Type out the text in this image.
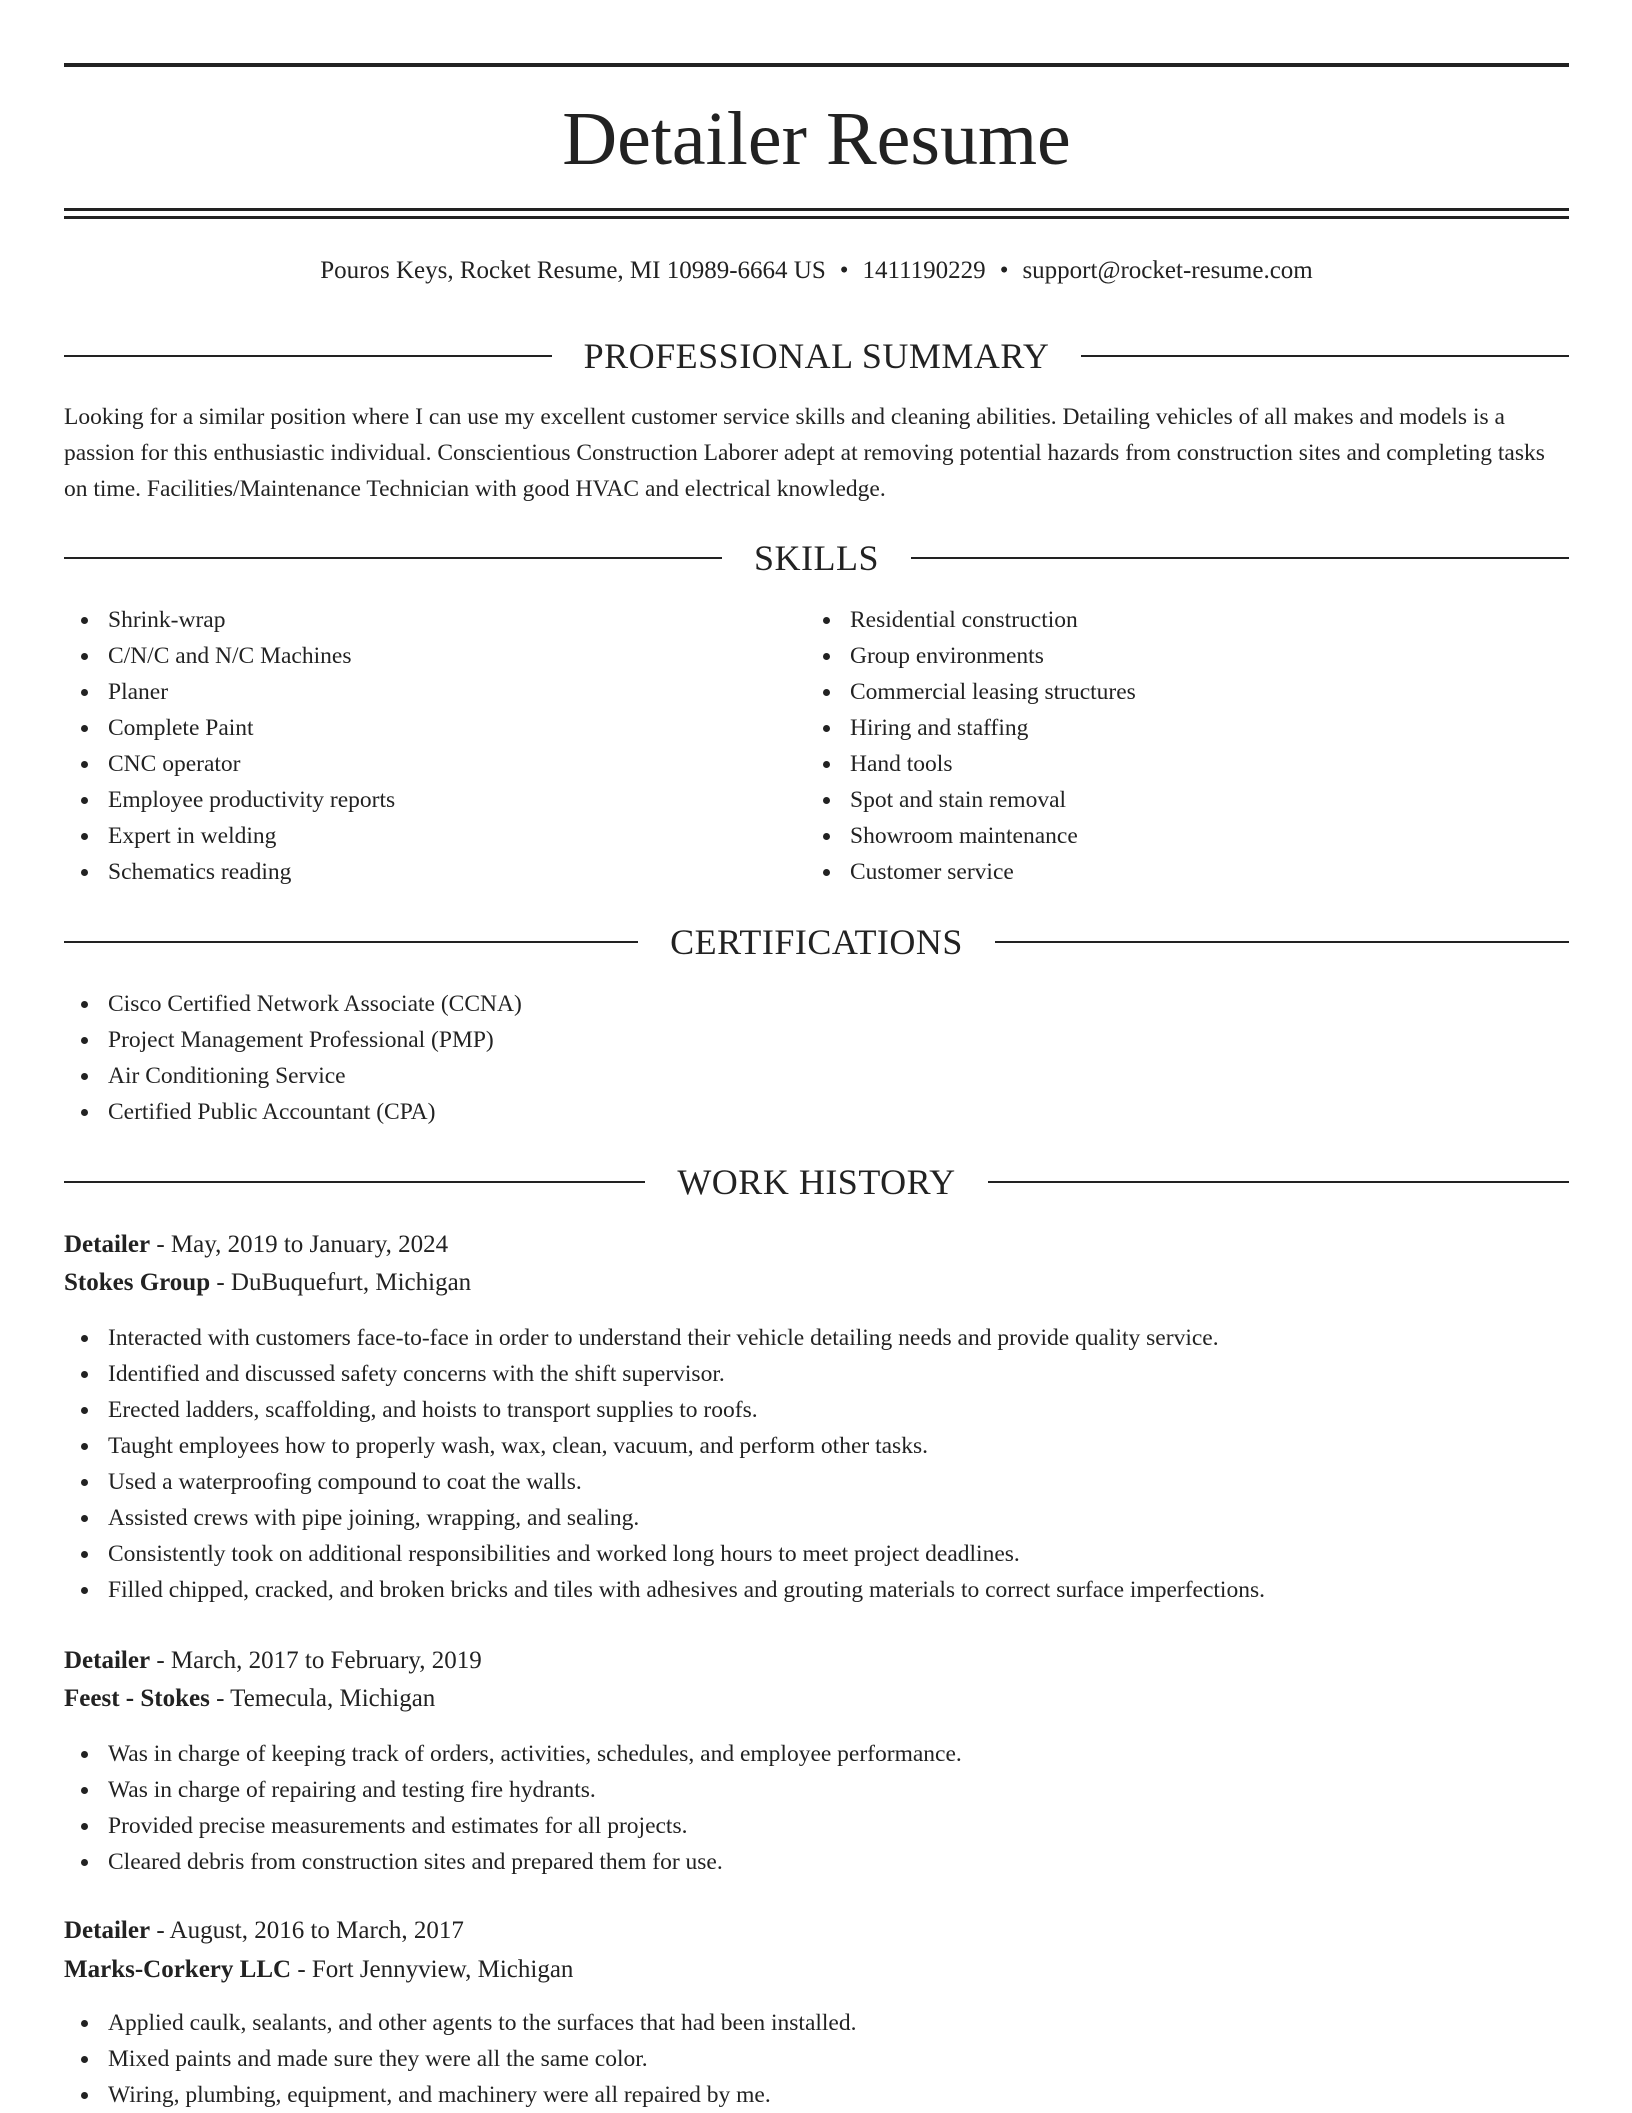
Detailer Resume
Pouros Keys, Rocket Resume, MI 10989-6664 US • 1411190229 • support@rocket-resume.com
PROFESSIONAL SUMMARY

Looking for a similar position where I can use my excellent customer service skills and cleaning abilities. Detailing vehicles of all makes and models is a passion for this enthusiastic individual. Conscientious Construction Laborer adept at removing potential hazards from construction sites and completing tasks on time. Facilities/Maintenance Technician with good HVAC and electrical knowledge.

SKILLS
Shrink-wrap
C/N/C and N/C Machines
Planer
Complete Paint
CNC operator
Employee productivity reports
Expert in welding
Schematics reading
Residential construction
Group environments
Commercial leasing structures
Hiring and staffing
Hand tools
Spot and stain removal
Showroom maintenance
Customer service
CERTIFICATIONS
Cisco Certified Network Associate (CCNA)
Project Management Professional (PMP)
Air Conditioning Service
Certified Public Accountant (CPA)
WORK HISTORY
Detailer - May, 2019 to January, 2024
Stokes Group - DuBuquefurt, Michigan
Interacted with customers face-to-face in order to understand their vehicle detailing needs and provide quality service.
Identified and discussed safety concerns with the shift supervisor.
Erected ladders, scaffolding, and hoists to transport supplies to roofs.
Taught employees how to properly wash, wax, clean, vacuum, and perform other tasks.
Used a waterproofing compound to coat the walls.
Assisted crews with pipe joining, wrapping, and sealing.
Consistently took on additional responsibilities and worked long hours to meet project deadlines.
Filled chipped, cracked, and broken bricks and tiles with adhesives and grouting materials to correct surface imperfections.
Detailer - March, 2017 to February, 2019
Feest - Stokes - Temecula, Michigan
Was in charge of keeping track of orders, activities, schedules, and employee performance.
Was in charge of repairing and testing fire hydrants.
Provided precise measurements and estimates for all projects.
Cleared debris from construction sites and prepared them for use.
Detailer - August, 2016 to March, 2017
Marks-Corkery LLC - Fort Jennyview, Michigan
Applied caulk, sealants, and other agents to the surfaces that had been installed.
Mixed paints and made sure they were all the same color.
Wiring, plumbing, equipment, and machinery were all repaired by me.
